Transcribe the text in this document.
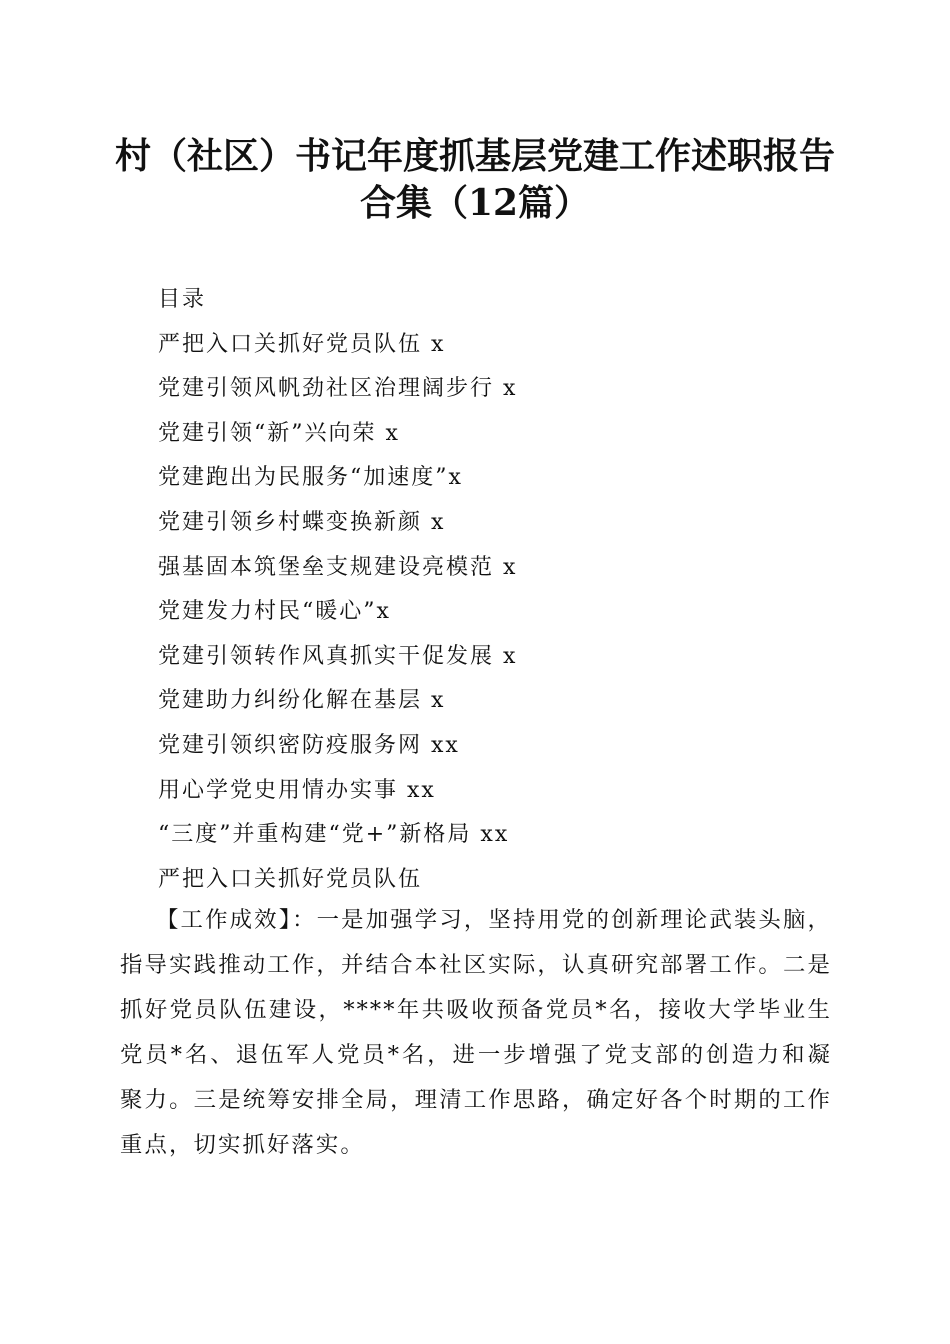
村（社区）书记年度抓基层党建工作述职报告
合集（12篇）
目录
严把入口关抓好党员队伍 x
党建引领风帆劲社区治理阔步行 x
党建引领“新”兴向荣 x
党建跑出为民服务“加速度”x
党建引领乡村蝶变换新颜 x
强基固本筑堡垒支规建设亮模范 x
党建发力村民“暖心”x
党建引领转作风真抓实干促发展 x
党建助力纠纷化解在基层 x
党建引领织密防疫服务网 xx
用心学党史用情办实事 xx
“三度”并重构建“党+”新格局 xx
严把入口关抓好党员队伍

【工作成效】：一是加强学习，坚持用党的创新理论武装头脑，指导实践推动工作，并结合本社区实际，认真研究部署工作。二是抓好党员队伍建设，****年共吸收预备党员*名，接收大学毕业生党员*名、退伍军人党员*名，进一步增强了党支部的创造力和凝聚力。三是统筹安排全局，理清工作思路，确定好各个时期的工作重点，切实抓好落实。
